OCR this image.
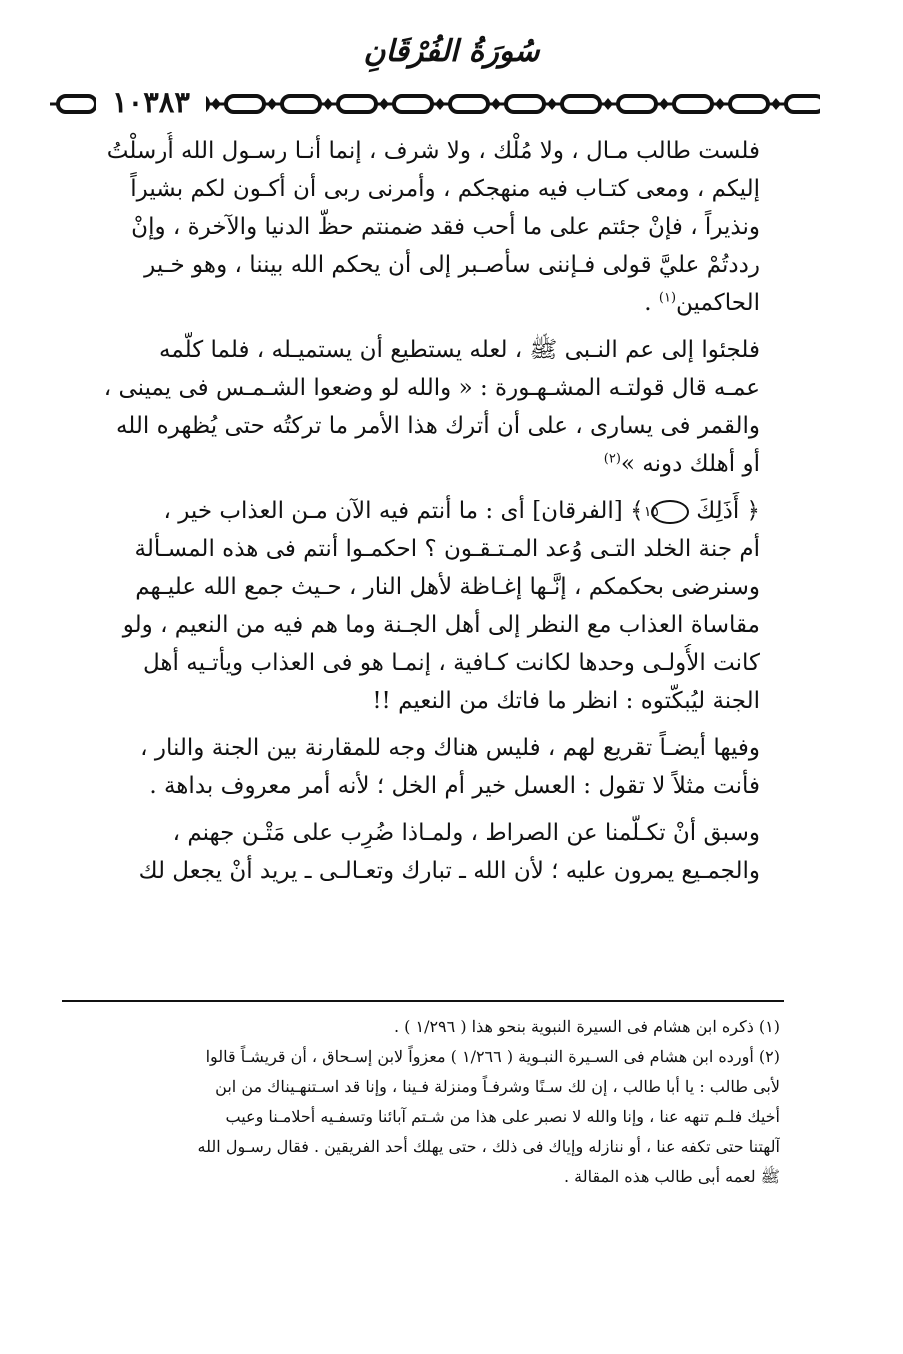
سُورَةُ الفُرْقَانِ
١٠٣٨٣
فلست طالب مـال ، ولا مُلْك ، ولا شرف ، إنما أنـا رسـول الله أُرسلْتُ
إليكم ، ومعى كتـاب فيه منهجكم ، وأمرنى ربى أن أكـون لكم بشيراً
ونذيراً ، فإنْ جئتم على ما أحب فقد ضمنتم حظّ الدنيا والآخرة ، وإنْ
رددتُمْ عليَّ قولى فـإننى سأصـبر إلى أن يحكم الله بيننا ، وهو خـير
الحاكمين$^{(١)}$ .
فلجئوا إلى عم النـبى ﷺ ، لعله يستطيع أن يستميـله ، فلما كلّمه
عمـه قال قولتـه المشـهـورة : « والله لو وضعوا الشـمـس فى يمينى ،
والقمر فى يسارى ، على أن أترك هذا الأمر ما تركتُه حتى يُظهره الله
أو أهلك دونه »$^{(٢)}$
﴿ أَذَلِكَ ١٥ ﴾ [الفرقان] أى : ما أنتم فيه الآن مـن العذاب خير ،
أم جنة الخلد التـى وُعد المـتـقـون ؟ احكمـوا أنتم فى هذه المسـألة
وسنرضى بحكمكم ، إنَّـها إغـاظة لأهل النار ، حـيث جمع الله عليـهم
مقاساة العذاب مع النظر إلى أهل الجـنة وما هم فيه من النعيم ، ولو
كانت الأُولـى وحدها لكانت كـافية ، إنمـا هو فى العذاب ويأتـيه أهل
الجنة ليُبكّتوه : انظر ما فاتك من النعيم !!
وفيها أيضـاً تقريع لهم ، فليس هناك وجه للمقارنة بين الجنة والنار ،
فأنت مثلاً لا تقول : العسل خير أم الخل ؛ لأنه أمر معروف بداهة .
وسبق أنْ تكـلّمنا عن الصراط ، ولمـاذا ضُرِب على مَتْـن جهنم ،
والجمـيع يمرون عليه ؛ لأن الله ـ تبارك وتعـالـى ـ يريد أنْ يجعل لك
(١) ذكره ابن هشام فى السيرة النبوية بنحو هذا ( ١/٢٩٦ ) .
(٢) أورده ابن هشام فى السـيرة النبـوية ( ١/٢٦٦ ) معزواً لابن إسـحاق ، أن قريشـاً قالوا
لأبى طالب : يا أبا طالب ، إن لك سـنًا وشرفـاً ومنزلة فـينا ، وإنا قد اسـتنهـيناك من ابن
أخيك فلـم تنهه عنا ، وإنا والله لا نصبر على هذا من شـتم آبائنا وتسفـيه أحلامـنا وعيب
آلهتنا حتى تكفه عنا ، أو ننازله وإياك فى ذلك ، حتى يهلك أحد الفريقين . فقال رسـول الله
ﷺ لعمه أبى طالب هذه المقالة .
